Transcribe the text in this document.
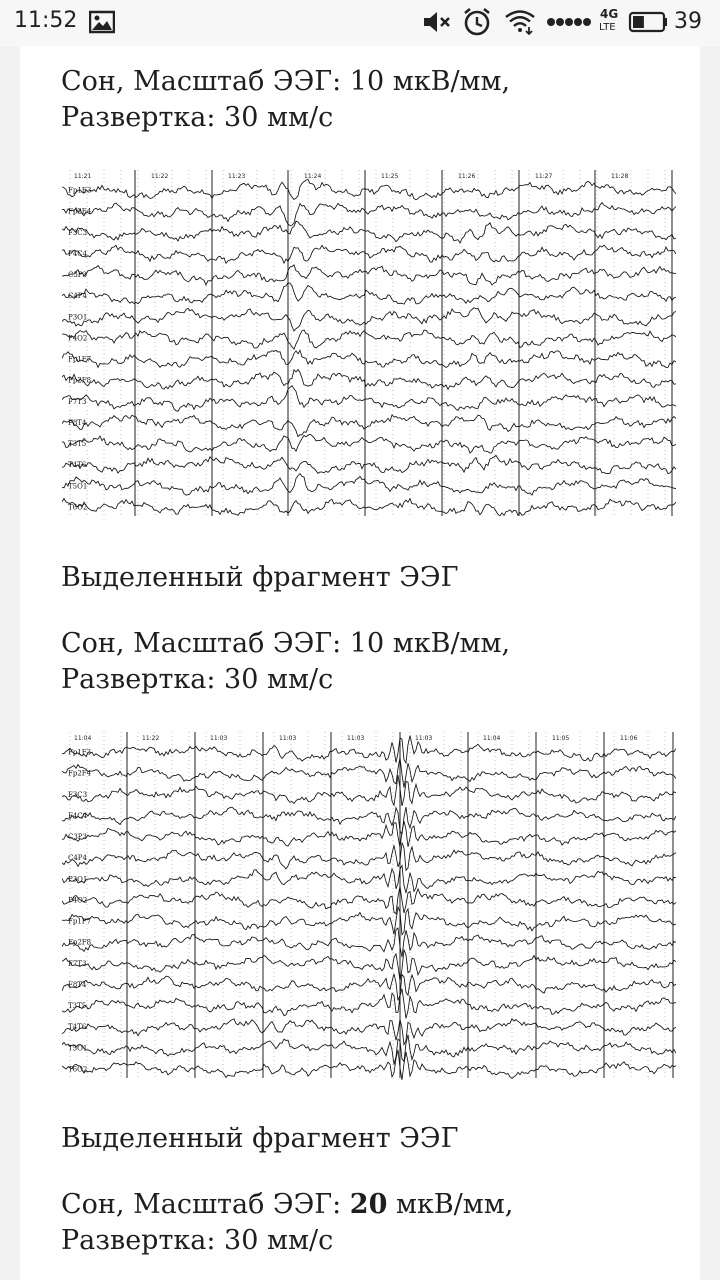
11:52	4G
LTE	39

Сон, Масштаб ЭЭГ: 10 мкВ/мм,
Развертка: 30 мм/с

11:21	11:22	11:23	11:24	11:25	11:26	11:27	11:28
Fp1E3
Fp2E4
F3C3
F4C4
C3P3
C4P4
P3O1
P4O2
Fp1F7
Fp2F8
F7T3
F8T4
T3T5
T4T6
T5O1
T6O2

Выделенный фрагмент ЭЭГ

Сон, Масштаб ЭЭГ: 10 мкВ/мм,
Развертка: 30 мм/с

11:04	11:22	11:03	11:03	11:03	11:03	11:04	11:05	11:06
Fp1F3
Fp2F4
F3C3
F4C4
C3P3
C4P4
P3O1
P4O2
Fp1F7
Fp2F8
F7T3
F8T4
T3T5
T4T6
T5O1
T6O2

Выделенный фрагмент ЭЭГ

Сон, Масштаб ЭЭГ: 20 мкВ/мм,
Развертка: 30 мм/с
